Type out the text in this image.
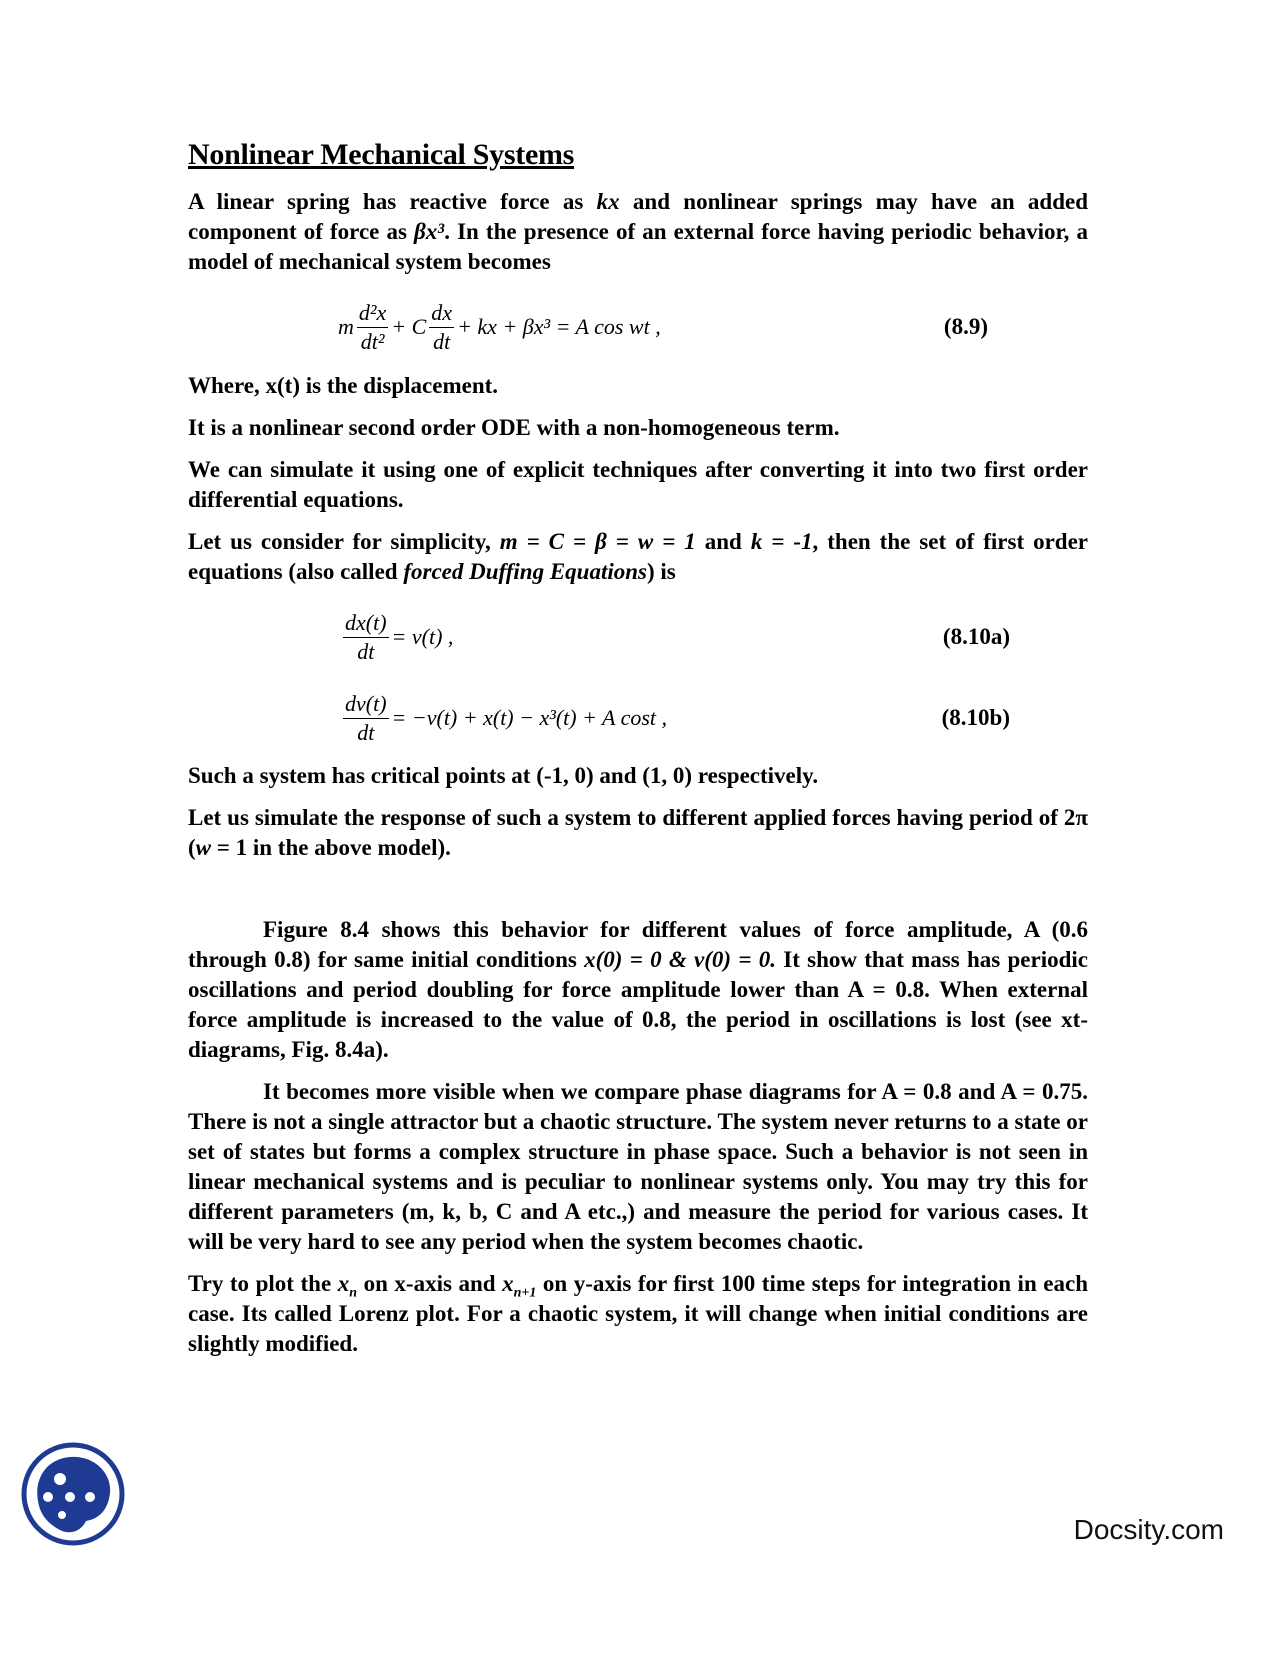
Nonlinear Mechanical Systems

A linear spring has reactive force as kx and nonlinear springs may have an added component of force as βx³. In the presence of an external force having periodic behavior, a model of mechanical system becomes

m $\frac{\text{d²x}}{\text{dt²}} + C \frac{dx}{dt}$ + kx + βx³ = A cos wt ,	(8.9)

Where, x(t) is the displacement.

It is a nonlinear second order ODE with a non-homogeneous term.

We can simulate it using one of explicit techniques after converting it into two first order differential equations.

Let us consider for simplicity, m = C = β = w = 1 and k = -1, then the set of first order equations (also called forced Duffing Equations) is

$\frac{dx(t)}{dt} = v(t)$ ,	(8.10a)
$\frac{dv(t)}{dt} = -v(t) + x(t) - x^3(t) + A$ cost ,	(8.10b)

Such a system has critical points at (-1, 0) and (1, 0) respectively.

Let us simulate the response of such a system to different applied forces having period of 2π (w = 1 in the above model).

Figure 8.4 shows this behavior for different values of force amplitude, A (0.6 through 0.8) for same initial conditions x(0) = 0 & v(0) = 0. It show that mass has periodic oscillations and period doubling for force amplitude lower than A = 0.8. When external force amplitude is increased to the value of 0.8, the period in oscillations is lost (see xt-diagrams, Fig. 8.4a).

It becomes more visible when we compare phase diagrams for A = 0.8 and A = 0.75. There is not a single attractor but a chaotic structure. The system never returns to a state or set of states but forms a complex structure in phase space. Such a behavior is not seen in linear mechanical systems and is peculiar to nonlinear systems only. You may try this for different parameters (m, k, b, C and A etc.,) and measure the period for various cases. It will be very hard to see any period when the system becomes chaotic.

Try to plot the $x_n$ on x-axis and $x_{n+1}$ on y-axis for first 100 time steps for integration in each case. Its called Lorenz plot. For a chaotic system, it will change when initial conditions are slightly modified.

Docsity.com
